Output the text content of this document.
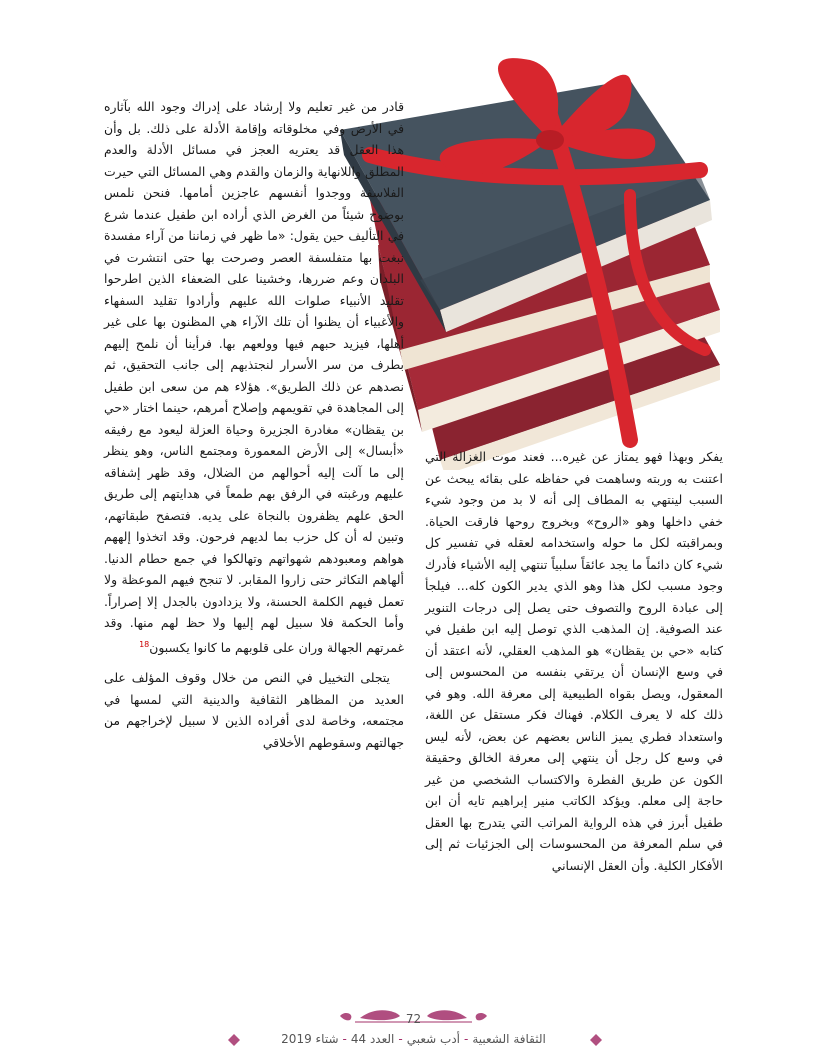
قادر من غير تعليم ولا إرشاد على إدراك وجود الله بآثاره في الأرض وفي مخلوقاته وإقامة الأدلة على ذلك. بل وأن هذا العقل قد يعتريه العجز في مسائل الأدلة والعدم المطلق واللانهاية والزمان والقدم وهي المسائل التي حيرت الفلاسفة ووجدوا أنفسهم عاجزين أمامها. فنحن نلمس بوضوح شيئاً من الغرض الذي أراده ابن طفيل عندما شرع في التأليف حين يقول: «ما ظهر في زماننا من آراء مفسدة نبغت بها متفلسفة العصر وصرحت بها حتى انتشرت في البلدان وعم ضررها، وخشينا على الضعفاء الذين اطرحوا تقليد الأنبياء صلوات الله عليهم وأرادوا تقليد السفهاء والأغبياء أن يظنوا أن تلك الآراء هي المظنون بها على غير أهلها، فيزيد حبهم فيها وولعهم بها. فرأينا أن نلمح إليهم بطرف من سر الأسرار لنجتذبهم إلى جانب التحقيق، ثم نصدهم عن ذلك الطريق». هؤلاء هم من سعى ابن طفيل إلى المجاهدة في تقويمهم وإصلاح أمرهم، حينما اختار «حي بن يقظان» مغادرة الجزيرة وحياة العزلة ليعود مع رفيقه «أبسال» إلى الأرض المعمورة ومجتمع الناس، وهو ينظر إلى ما آلت إليه أحوالهم من الضلال، وقد ظهر إشفاقه عليهم ورغبته في الرفق بهم طمعاً في هدايتهم إلى طريق الحق علهم يظفرون بالنجاة على يديه. فتصفح طبقاتهم، وتبين له أن كل حزب بما لديهم فرحون. وقد اتخذوا إلههم هواهم ومعبودهم شهواتهم وتهالكوا في جمع حطام الدنيا. ألهاهم التكاثر حتى زاروا المقابر. لا تنجح فيهم الموعظة ولا تعمل فيهم الكلمة الحسنة، ولا يزدادون بالجدل إلا إصراراً. وأما الحكمة فلا سبيل لهم إليها ولا حظ لهم منها. وقد غمرتهم الجهالة وران على قلوبهم ما كانوا يكسبون$^{18}$

يتجلى التخييل في النص من خلال وقوف المؤلف على العديد من المظاهر الثقافية والدينية التي لمسها في مجتمعه، وخاصة لدى أفراده الذين لا سبيل لإخراجهم من جهالتهم وسقوطهم الأخلاقي

يفكر وبهذا فهو يمتاز عن غيره... فعند موت الغزالة التي اعتنت به وربته وساهمت في حفاظه على بقائه يبحث عن السبب لينتهي به المطاف إلى أنه لا بد من وجود شيء خفي داخلها وهو «الروح» وبخروج روحها فارقت الحياة. وبمراقبته لكل ما حوله واستخدامه لعقله في تفسير كل شيء كان دائماً ما يجد عائقاً سلبياً تنتهي إليه الأشياء فأدرك وجود مسبب لكل هذا وهو الذي يدير الكون كله... فيلجأ إلى عبادة الروح والتصوف حتى يصل إلى درجات التنوير عند الصوفية. إن المذهب الذي توصل إليه ابن طفيل في كتابه «حي بن يقظان» هو المذهب العقلي، لأنه اعتقد أن في وسع الإنسان أن يرتقي بنفسه من المحسوس إلى المعقول، ويصل بقواه الطبيعية إلى معرفة الله. وهو في ذلك كله لا يعرف الكلام. فهناك فكر مستقل عن اللغة، واستعداد فطري يميز الناس بعضهم عن بعض، لأنه ليس في وسع كل رجل أن ينتهي إلى معرفة الخالق وحقيقة الكون عن طريق الفطرة والاكتساب الشخصي من غير حاجة إلى معلم. ويؤكد الكاتب منير إبراهيم تايه أن ابن طفيل أبرز في هذه الرواية المراتب التي يتدرج بها العقل في سلم المعرفة من المحسوسات إلى الجزئيات ثم إلى الأفكار الكلية. وأن العقل الإنساني

72
الثقافة الشعبية-أدب شعبي-العدد 44-شتاء 2019
